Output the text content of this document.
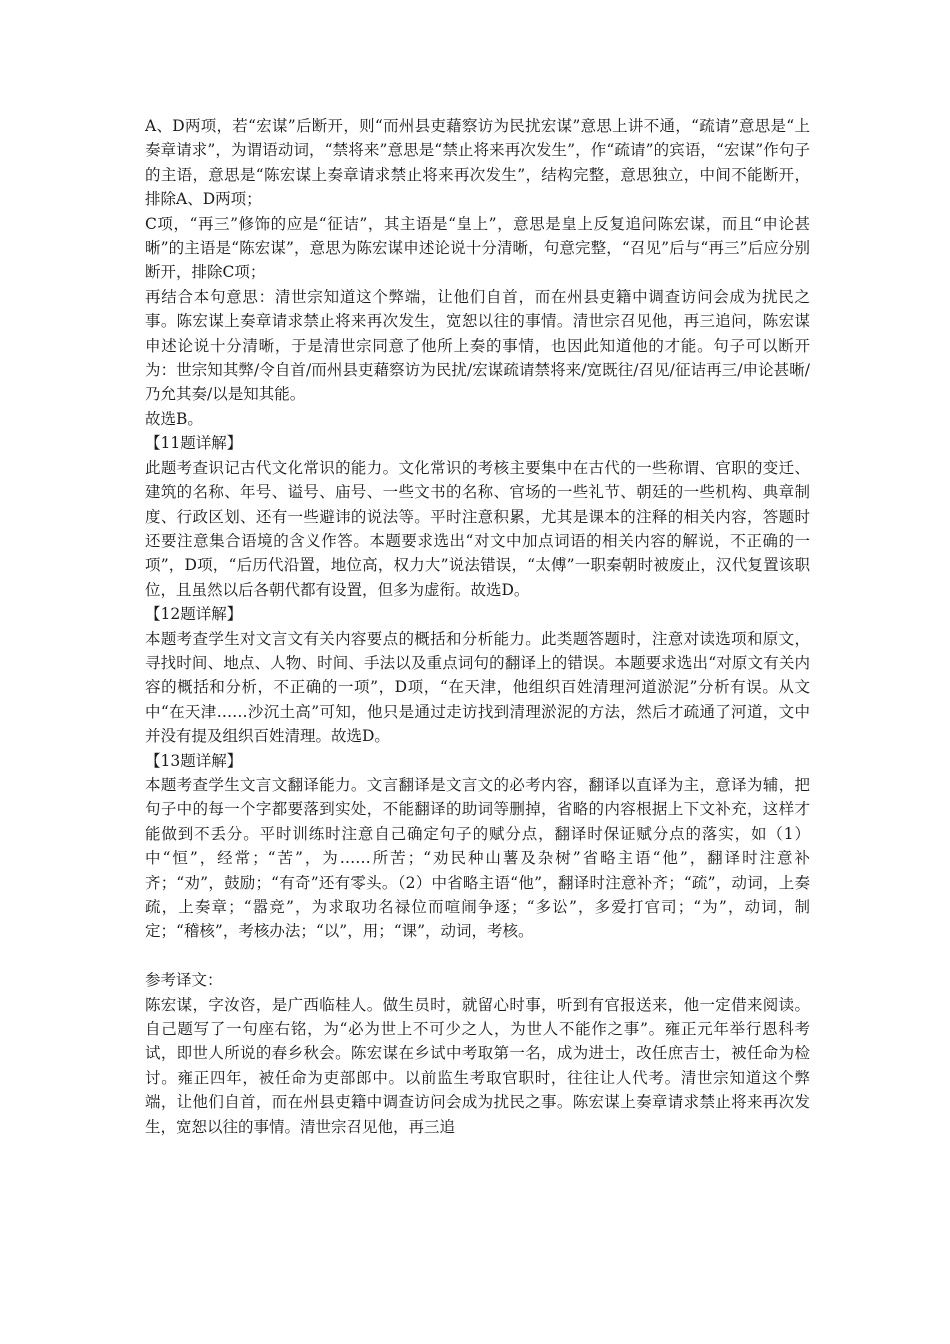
A、D两项，若“宏谋”后断开，则“而州县吏藉察访为民扰宏谋”意思上讲不通，“疏请”意思是“上奏章请求”，为谓语动词，“禁将来”意思是“禁止将来再次发生”，作“疏请”的宾语，“宏谋”作句子的主语，意思是“陈宏谋上奏章请求禁止将来再次发生”，结构完整，意思独立，中间不能断开，排除A、D两项；

C项，“再三”修饰的应是“征诘”，其主语是“皇上”，意思是皇上反复追问陈宏谋，而且“申论甚晰”的主语是“陈宏谋”，意思为陈宏谋申述论说十分清晰，句意完整，“召见”后与“再三”后应分别断开，排除C项；

再结合本句意思：清世宗知道这个弊端，让他们自首，而在州县吏籍中调查访问会成为扰民之事。陈宏谋上奏章请求禁止将来再次发生，宽恕以往的事情。清世宗召见他，再三追问，陈宏谋申述论说十分清晰，于是清世宗同意了他所上奏的事情，也因此知道他的才能。句子可以断开为：世宗知其弊/令自首/而州县吏藉察访为民扰/宏谋疏请禁将来/宽既往/召见/征诘再三/申论甚晰/乃允其奏/以是知其能。

故选B。

【11题详解】

此题考查识记古代文化常识的能力。文化常识的考核主要集中在古代的一些称谓、官职的变迁、建筑的名称、年号、谥号、庙号、一些文书的名称、官场的一些礼节、朝廷的一些机构、典章制度、行政区划、还有一些避讳的说法等。平时注意积累，尤其是课本的注释的相关内容，答题时还要注意集合语境的含义作答。本题要求选出“对文中加点词语的相关内容的解说，不正确的一项”，D项，“后历代沿置，地位高，权力大”说法错误，“太傅”一职秦朝时被废止，汉代复置该职位，且虽然以后各朝代都有设置，但多为虚衔。故选D。

【12题详解】

本题考查学生对文言文有关内容要点的概括和分析能力。此类题答题时，注意对读选项和原文，寻找时间、地点、人物、时间、手法以及重点词句的翻译上的错误。本题要求选出“对原文有关内容的概括和分析，不正确的一项”，D项，“在天津，他组织百姓清理河道淤泥”分析有误。从文中“在天津……沙沉土高”可知，他只是通过走访找到清理淤泥的方法，然后才疏通了河道，文中并没有提及组织百姓清理。故选D。

【13题详解】

本题考查学生文言文翻译能力。文言翻译是文言文的必考内容，翻译以直译为主，意译为辅，把句子中的每一个字都要落到实处，不能翻译的助词等删掉，省略的内容根据上下文补充，这样才能做到不丢分。平时训练时注意自己确定句子的赋分点，翻译时保证赋分点的落实，如（1）中“恒”，经常；“苦”，为……所苦；“劝民种山薯及杂树”省略主语“他”，翻译时注意补齐；“劝”，鼓励；“有奇”还有零头。（2）中省略主语“他”，翻译时注意补齐；“疏”，动词，上奏疏，上奏章；“嚣竞”，为求取功名禄位而喧闹争逐；“多讼”，多爱打官司；“为”，动词，制定；“稽核”，考核办法；“以”，用；“课”，动词，考核。

参考译文：

陈宏谋，字汝咨，是广西临桂人。做生员时，就留心时事，听到有官报送来，他一定借来阅读。自己题写了一句座右铭，为“必为世上不可少之人，为世人不能作之事”。雍正元年举行恩科考试，即世人所说的春乡秋会。陈宏谋在乡试中考取第一名，成为进士，改任庶吉士，被任命为检讨。雍正四年，被任命为吏部郎中。以前监生考取官职时，往往让人代考。清世宗知道这个弊端，让他们自首，而在州县吏籍中调查访问会成为扰民之事。陈宏谋上奏章请求禁止将来再次发生，宽恕以往的事情。清世宗召见他，再三追
